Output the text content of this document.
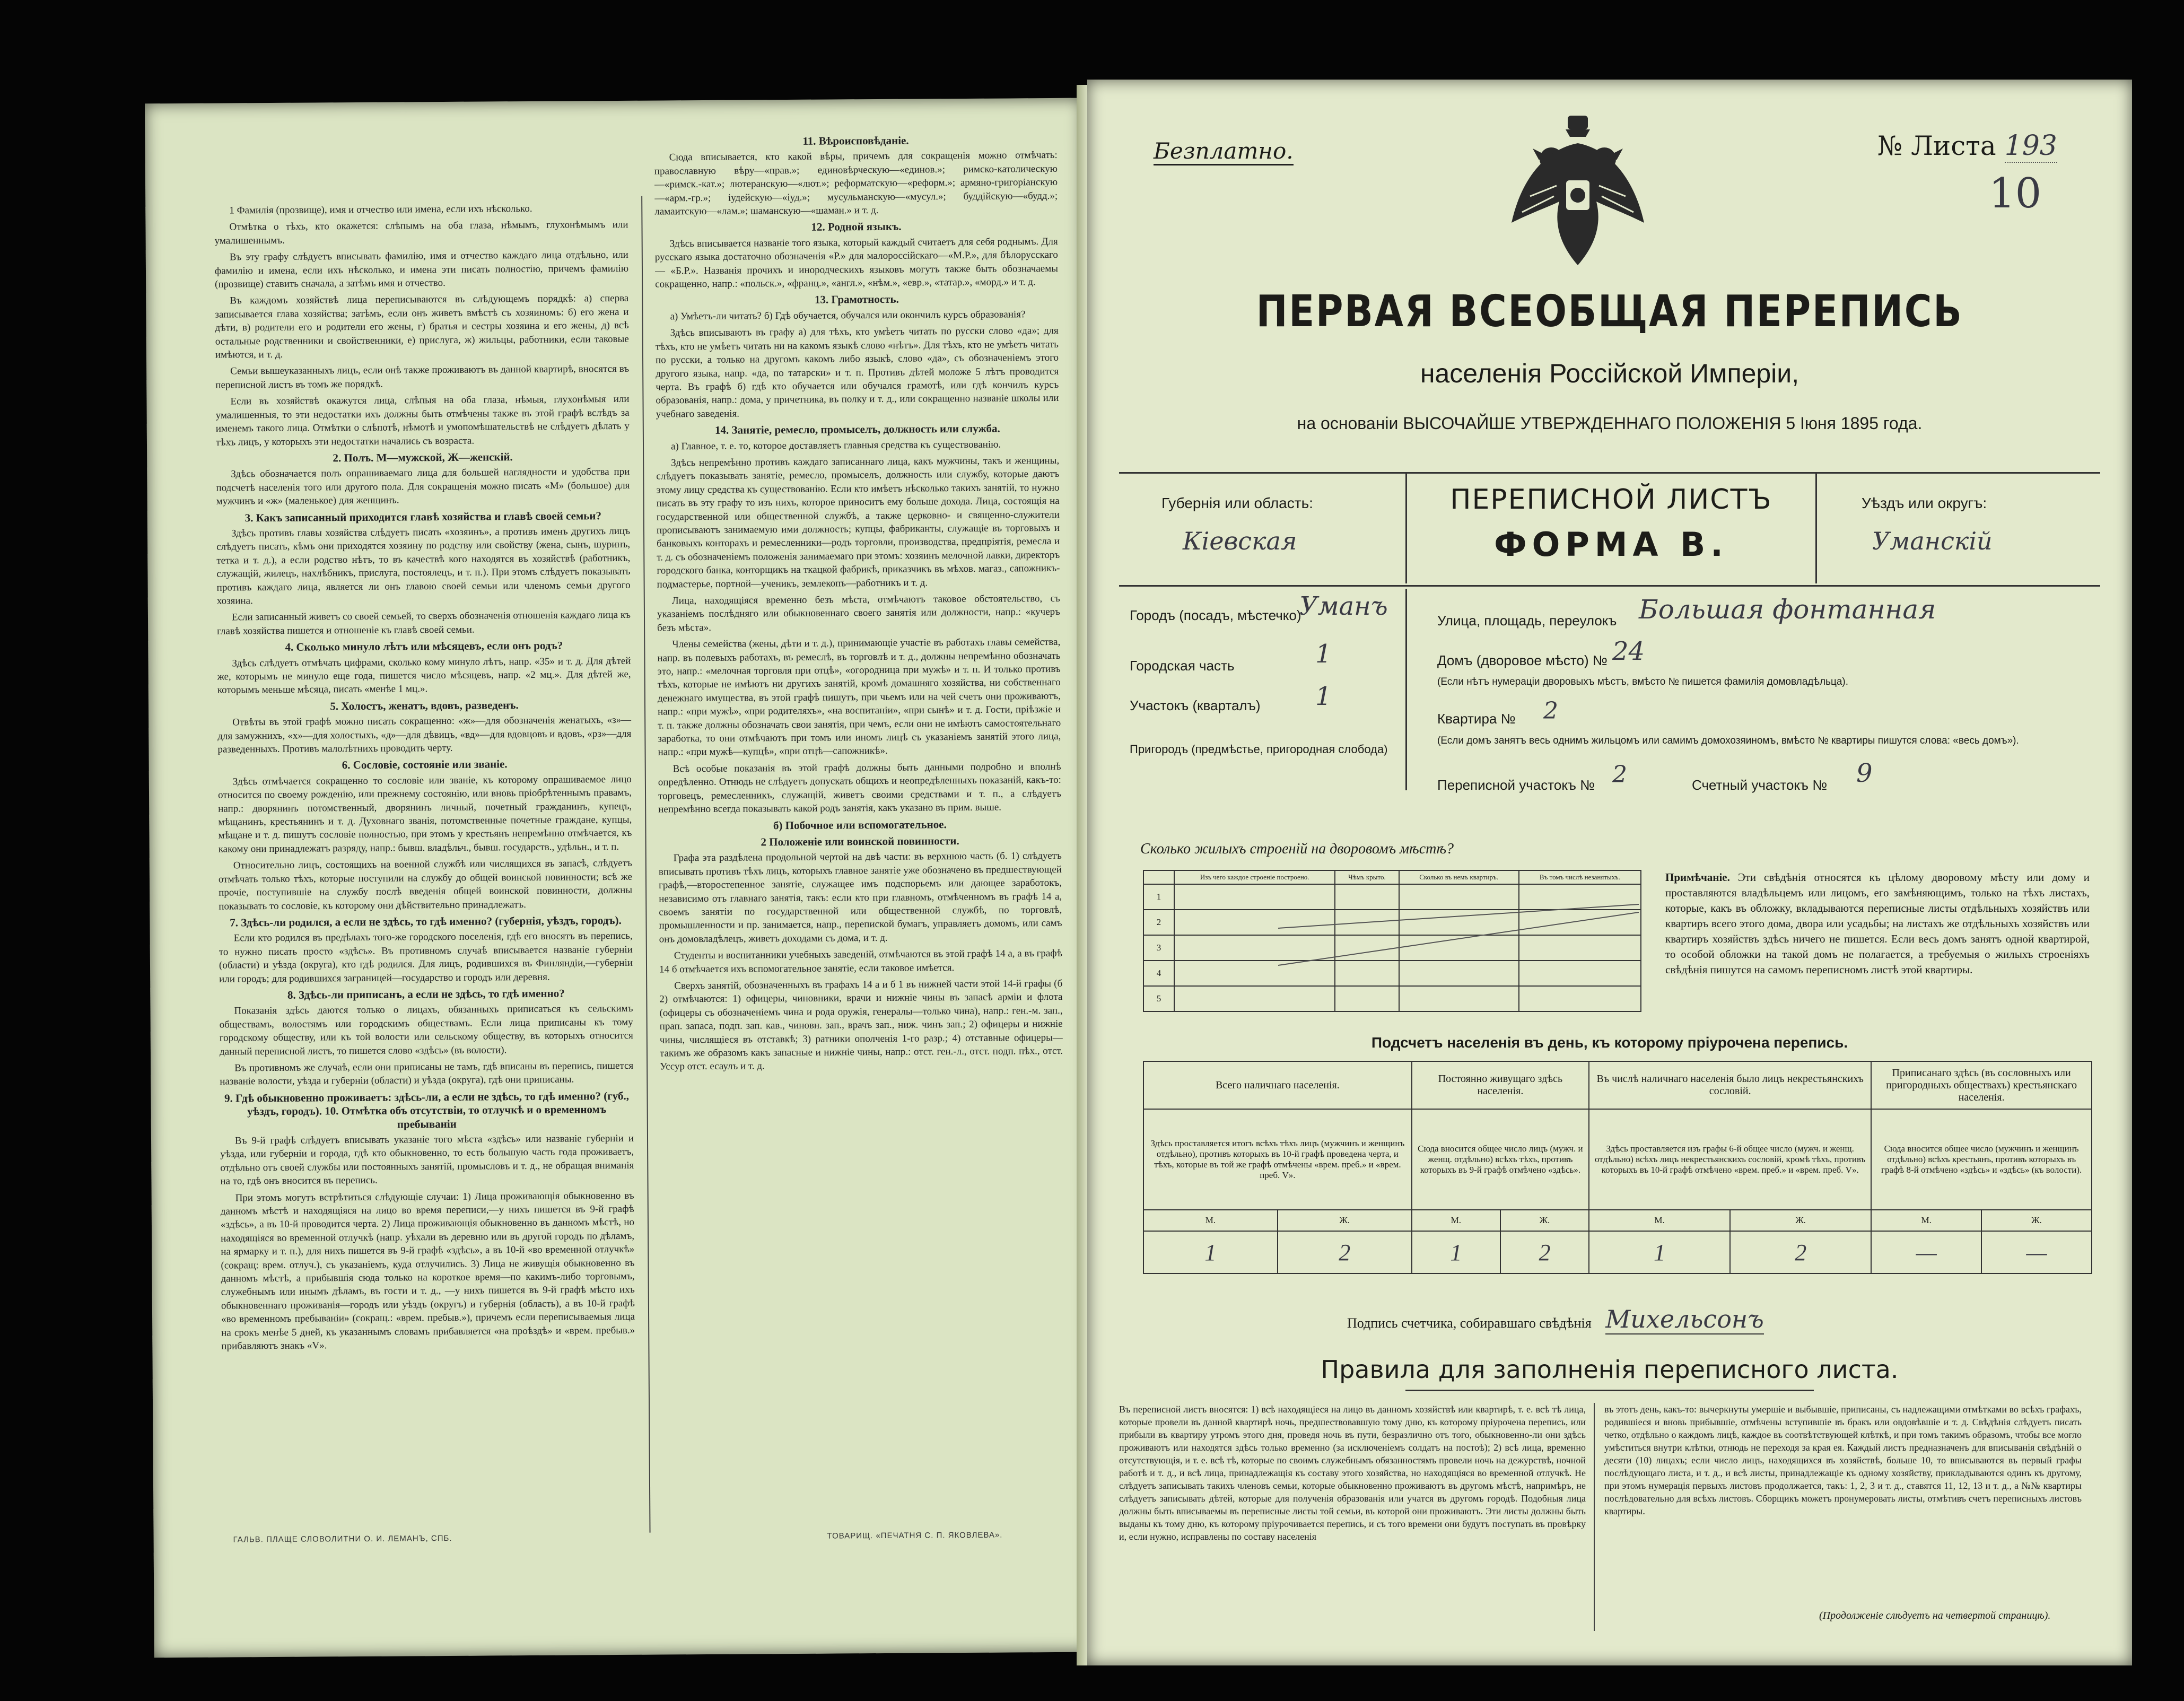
1 Фамилія (прозвище), имя и отчество или имена, если ихъ нѣсколько.

Отмѣтка о тѣхъ, кто окажется: слѣпымъ на оба глаза, нѣмымъ, глухонѣмымъ или умалишеннымъ.

Въ эту графу слѣдуетъ вписывать фамилію, имя и отчество каждаго лица отдѣльно, или фамилію и имена, если ихъ нѣсколько, и имена эти писать полностію, причемъ фамилію (прозвище) ставить сначала, а затѣмъ имя и отчество.

Въ каждомъ хозяйствѣ лица переписываются въ слѣдующемъ порядкѣ: а) сперва записывается глава хозяйства; затѣмъ, если онъ живетъ вмѣстѣ съ хозяиномъ: б) его жена и дѣти, в) родители его и родители его жены, г) братья и сестры хозяина и его жены, д) всѣ остальные родственники и свойственники, е) прислуга, ж) жильцы, работники, если таковые имѣются, и т. д.

Семьи вышеуказанныхъ лицъ, если онѣ также проживаютъ въ данной квартирѣ, вносятся въ переписной листъ въ томъ же порядкѣ.

Если въ хозяйствѣ окажутся лица, слѣпыя на оба глаза, нѣмыя, глухонѣмыя или умалишенныя, то эти недостатки ихъ должны быть отмѣчены также въ этой графѣ вслѣдъ за именемъ такого лица. Отмѣтки о слѣпотѣ, нѣмотѣ и умопомѣшательствѣ не слѣдуетъ дѣлать у тѣхъ лицъ, у которыхъ эти недостатки начались съ возраста.

2. Полъ. М—мужской, Ж—женскій.

Здѣсь обозначается полъ опрашиваемаго лица для большей наглядности и удобства при подсчетѣ населенія того или другого пола. Для сокращенія можно писать «М» (большое) для мужчинъ и «ж» (маленькое) для женщинъ.

3. Какъ записанный приходится главѣ хозяйства и главѣ своей семьи?

Здѣсь противъ главы хозяйства слѣдуетъ писать «хозяинъ», а противъ именъ другихъ лицъ слѣдуетъ писать, кѣмъ они приходятся хозяину по родству или свойству (жена, сынъ, шуринъ, тетка и т. д.), а если родство нѣтъ, то въ качествѣ кого находятся въ хозяйствѣ (работникъ, служащій, жилецъ, нахлѣбникъ, прислуга, постоялецъ, и т. п.). При этомъ слѣдуетъ показывать противъ каждаго лица, является ли онъ главою своей семьи или членомъ семьи другого хозяина.

Если записанный живетъ со своей семьей, то сверхъ обозначенія отношенія каждаго лица къ главѣ хозяйства пишется и отношеніе къ главѣ своей семьи.

4. Сколько минуло лѣтъ или мѣсяцевъ, если онъ родъ?

Здѣсь слѣдуетъ отмѣчать цифрами, сколько кому минуло лѣтъ, напр. «35» и т. д. Для дѣтей же, которымъ не минуло еще года, пишется число мѣсяцевъ, напр. «2 мц.». Для дѣтей же, которымъ меньше мѣсяца, писать «менѣе 1 мц.».

5. Холостъ, женатъ, вдовъ, разведенъ.

Отвѣты въ этой графѣ можно писать сокращенно: «ж»—для обозначенія женатыхъ, «з»—для замужнихъ, «х»—для холостыхъ, «д»—для дѣвицъ, «вд»—для вдовцовъ и вдовъ, «рз»—для разведенныхъ. Противъ малолѣтнихъ проводить черту.

6. Сословіе, состояніе или званіе.

Здѣсь отмѣчается сокращенно то сословіе или званіе, къ которому опрашиваемое лицо относится по своему рожденію, или прежнему состоянію, или вновь пріобрѣтеннымъ правамъ, напр.: дворянинъ потомственный, дворянинъ личный, почетный гражданинъ, купецъ, мѣщанинъ, крестьянинъ и т. д. Духовнаго званія, потомственные почетные граждане, купцы, мѣщане и т. д. пишутъ сословіе полностью, при этомъ у крестьянъ непремѣнно отмѣчается, къ какому они принадлежатъ разряду, напр.: бывш. владѣльч., бывш. государств., удѣльн., и т. п.

Относительно лицъ, состоящихъ на военной службѣ или числящихся въ запасѣ, слѣдуетъ отмѣчать только тѣхъ, которые поступили на службу до общей воинской повинности; всѣ же прочіе, поступившіе на службу послѣ введенія общей воинской повинности, должны показывать то сословіе, къ которому они дѣйствительно принадлежатъ.

7. Здѣсь-ли родился, а если не здѣсь, то гдѣ именно? (губернія, уѣздъ, городъ).

Если кто родился въ предѣлахъ того-же городского поселенія, гдѣ его вносятъ въ перепись, то нужно писать просто «здѣсь». Въ противномъ случаѣ вписывается названіе губерніи (области) и уѣзда (округа), кто гдѣ родился. Для лицъ, родившихся въ Финляндіи,—губерніи или городъ; для родившихся заграницей—государство и городъ или деревня.

8. Здѣсь-ли приписанъ, а если не здѣсь, то гдѣ именно?

Показанія здѣсь даются только о лицахъ, обязанныхъ приписаться къ сельскимъ обществамъ, волостямъ или городскимъ обществамъ. Если лица приписаны къ тому городскому обществу, или къ той волости или сельскому обществу, въ которыхъ относится данный переписной листъ, то пишется слово «здѣсь» (въ волости).

Въ противномъ же случаѣ, если они приписаны не тамъ, гдѣ вписаны въ перепись, пишется названіе волости, уѣзда и губерніи (области) и уѣзда (округа), гдѣ они приписаны.

9. Гдѣ обыкновенно проживаетъ: здѣсь-ли, а если не здѣсь, то гдѣ именно? (губ., уѣздъ, городъ). 10. Отмѣтка объ отсутствіи, то отлучкѣ и о временномъ пребываніи

Въ 9-й графѣ слѣдуетъ вписывать указаніе того мѣста «здѣсь» или названіе губерніи и уѣзда, или губерніи и города, гдѣ кто обыкновенно, то есть большую часть года проживаетъ, отдѣльно отъ своей службы или постоянныхъ занятій, промысловъ и т. д., не обращая вниманія на то, гдѣ онъ вносится въ перепись.

При этомъ могутъ встрѣтиться слѣдующіе случаи: 1) Лица проживающія обыкновенно въ данномъ мѣстѣ и находящіяся на лицо во время переписи,—у нихъ пишется въ 9-й графѣ «здѣсь», а въ 10-й проводится черта. 2) Лица проживающія обыкновенно въ данномъ мѣстѣ, но находящіяся во временной отлучкѣ (напр. уѣхали въ деревню или въ другой городъ по дѣламъ, на ярмарку и т. п.), для нихъ пишется въ 9-й графѣ «здѣсь», а въ 10-й «во временной отлучкѣ» (сокращ: врем. отлуч.), съ указаніемъ, куда отлучились. 3) Лица не живущія обыкновенно въ данномъ мѣстѣ, а прибывшія сюда только на короткое время—по какимъ-либо торговымъ, служебнымъ или инымъ дѣламъ, въ гости и т. д., —у нихъ пишется въ 9-й графѣ мѣсто ихъ обыкновеннаго проживанія—городъ или уѣздъ (округъ) и губернія (область), а въ 10-й графѣ «во временномъ пребываніи» (сокращ.: «врем. пребыв.»), причемъ если переписываемыя лица на срокъ менѣе 5 дней, къ указаннымъ словамъ прибавляется «на проѣздѣ» и «врем. пребыв.» прибавляютъ знакъ «V».

11. Вѣроисповѣданіе.

Сюда вписывается, кто какой вѣры, причемъ для сокращенія можно отмѣчать: православную вѣру—«прав.»; единовѣрческую—«единов.»; римско-католическую—«римск.-кат.»; лютеранскую—«лют.»; реформатскую—«реформ.»; армяно-григоріанскую—«арм.-гр.»; іудейскую—«іуд.»; мусульманскую—«мусул.»; буддійскую—«будд.»; ламаитскую—«лам.»; шаманскую—«шаман.» и т. д.

12. Родной языкъ.

Здѣсь вписывается названіе того языка, который каждый считаетъ для себя роднымъ. Для русскаго языка достаточно обозначенія «Р.» для малороссійскаго—«М.Р.», для бѣлорусскаго — «Б.Р.». Названія прочихъ и инородческихъ языковъ могутъ также быть обозначаемы сокращенно, напр.: «польск.», «франц.», «англ.», «нѣм.», «евр.», «татар.», «морд.» и т. д.

13. Грамотность.

а) Умѣетъ-ли читать? б) Гдѣ обучается, обучался или окончилъ курсъ образованія?

Здѣсь вписываютъ въ графу а) для тѣхъ, кто умѣетъ читать по русски слово «да»; для тѣхъ, кто не умѣетъ читать ни на какомъ языкѣ слово «нѣтъ». Для тѣхъ, кто не умѣетъ читать по русски, а только на другомъ какомъ либо языкѣ, слово «да», съ обозначеніемъ этого другого языка, напр. «да, по татарски» и т. п. Противъ дѣтей моложе 5 лѣтъ проводится черта. Въ графѣ б) гдѣ кто обучается или обучался грамотѣ, или гдѣ кончилъ курсъ образованія, напр.: дома, у причетника, въ полку и т. д., или сокращенно названіе школы или учебнаго заведенія.

14. Занятіе, ремесло, промыселъ, должность или служба.

а) Главное, т. е. то, которое доставляетъ главныя средства къ существованію.

Здѣсь непремѣнно противъ каждаго записаннаго лица, какъ мужчины, такъ и женщины, слѣдуетъ показывать занятіе, ремесло, промыселъ, должность или службу, которые даютъ этому лицу средства къ существованію. Если кто имѣетъ нѣсколько такихъ занятій, то нужно писать въ эту графу то изъ нихъ, которое приноситъ ему больше дохода. Лица, состоящія на государственной или общественной службѣ, а также церковно- и священно-служители прописываютъ занимаемую ими должность; купцы, фабриканты, служащіе въ торговыхъ и банковыхъ конторахъ и ремесленники—родъ торговли, производства, предпріятія, ремесла и т. д. съ обозначеніемъ положенія занимаемаго при этомъ: хозяинъ мелочной лавки, директоръ городского банка, конторщикъ на ткацкой фабрикѣ, приказчикъ въ мѣхов. магаз., сапожникъ-подмастерье, портной—ученикъ, землекопъ—работникъ и т. д.

Лица, находящіяся временно безъ мѣста, отмѣчаютъ таковое обстоятельство, съ указаніемъ послѣдняго или обыкновеннаго своего занятія или должности, напр.: «кучеръ безъ мѣста».

Члены семейства (жены, дѣти и т. д.), принимающіе участіе въ работахъ главы семейства, напр. въ полевыхъ работахъ, въ ремеслѣ, въ торговлѣ и т. д., должны непремѣнно обозначать это, напр.: «мелочная торговля при отцѣ», «огородница при мужѣ» и т. п. И только противъ тѣхъ, которые не имѣютъ ни другихъ занятій, кромѣ домашняго хозяйства, ни собственнаго денежнаго имущества, въ этой графѣ пишутъ, при чьемъ или на чей счетъ они проживаютъ, напр.: «при мужѣ», «при родителяхъ», «на воспитаніи», «при сынѣ» и т. д. Гости, пріѣзжіе и т. п. также должны обозначать свои занятія, при чемъ, если они не имѣютъ самостоятельнаго заработка, то они отмѣчаютъ при томъ или иномъ лицѣ съ указаніемъ занятій этого лица, напр.: «при мужѣ—купцѣ», «при отцѣ—сапожникѣ».

Всѣ особые показанія въ этой графѣ должны быть данными подробно и вполнѣ опредѣленно. Отнюдь не слѣдуетъ допускать общихъ и неопредѣленныхъ показаній, какъ-то: торговецъ, ремесленникъ, служащій, живетъ своими средствами и т. п., а слѣдуетъ непремѣнно всегда показывать какой родъ занятія, какъ указано въ прим. выше.

б) Побочное или вспомогательное.
2 Положеніе или воинской повинности.

Графа эта раздѣлена продольной чертой на двѣ части: въ верхнюю часть (б. 1) слѣдуетъ вписывать противъ тѣхъ лицъ, которыхъ главное занятіе уже обозначено въ предшествующей графѣ,—второстепенное занятіе, служащее имъ подспорьемъ или дающее заработокъ, независимо отъ главнаго занятія, такъ: если кто при главномъ, отмѣченномъ въ графѣ 14 а, своемъ занятіи по государственной или общественной службѣ, по торговлѣ, промышленности и пр. занимается, напр., перепиской бумагъ, управляетъ домомъ, или самъ онъ домовладѣлецъ, живетъ доходами съ дома, и т. д.

Студенты и воспитанники учебныхъ заведеній, отмѣчаются въ этой графѣ 14 а, а въ графѣ 14 б отмѣчается ихъ вспомогательное занятіе, если таковое имѣется.

Сверхъ занятій, обозначенныхъ въ графахъ 14 а и б 1 въ нижней части этой 14-й графы (б 2) отмѣчаются: 1) офицеры, чиновники, врачи и нижніе чины въ запасѣ арміи и флота (офицеры съ обозначеніемъ чина и рода оружія, генералы—только чина), напр.: ген.-м. зап., прап. запаса, подп. зап. кав., чиновн. зап., врачъ зап., ниж. чинъ зап.; 2) офицеры и нижніе чины, числящіеся въ отставкѣ; 3) ратники ополченія 1-го разр.; 4) отставные офицеры—такимъ же образомъ какъ запасные и нижніе чины, напр.: отст. ген.-л., отст. подп. пѣх., отст. Уссур отст. есаулъ и т. д.

ГАЛЬВ. ПЛАЩЕ СЛОВОЛИТНИ О. И. ЛЕМАНЪ, СПБ.	ТОВАРИЩ. «ПЕЧАТНЯ С. П. ЯКОВЛЕВА».
Безплатно.	№ Листа 193
10
ПЕРВАЯ ВСЕОБЩАЯ ПЕРЕПИСЬ
населенія Россійской Имперіи,
на основаніи ВЫСОЧАЙШЕ УТВЕРЖДЕННАГО ПОЛОЖЕНІЯ 5 Іюня 1895 года.
Губернія или область:
Кіевская
ПЕРЕПИСНОЙ ЛИСТЪ
ФОРМА В.
Уѣздъ или округъ:
Уманскій
Городъ (посадъ, мѣстечко)
Уманъ
Городская часть	1
Участокъ (кварталъ) 1
Пригородъ (предмѣстье, пригородная слобода)
Улица, площадь, переулокъ Большая фонтанная
Домъ (дворовое мѣсто) № 24
(Если нѣтъ нумераціи дворовыхъ мѣстъ, вмѣсто № пишется фамилія домовладѣльца).
Квартира № 2
(Если домъ занятъ весь однимъ жильцомъ или самимъ домохозяиномъ, вмѣсто № квартиры пишутся слова: «весь домъ»).
Переписной участокъ № 2	Счетный участокъ № 9
Сколько жилыхъ строеній на дворовомъ мѣстѣ?
	Изъ чего каждое строеніе построено.	Чѣмъ крыто.	Сколько въ немъ квартиръ.	Въ томъ числѣ незанятыхъ.
1				
2				
3				
4				
5				
Примѣчаніе. Эти свѣдѣнія относятся къ цѣлому дворовому мѣсту или дому и проставляются владѣльцемъ или лицомъ, его замѣняющимъ, только на тѣхъ листахъ, которые, какъ въ обложку, вкладываются переписные листы отдѣльныхъ хозяйствъ или квартиръ всего этого дома, двора или усадьбы; на листахъ же отдѣльныхъ хозяйствъ или квартиръ хозяйствъ здѣсь ничего не пишется. Если весь домъ занятъ одной квартирой, то особой обложки на такой домъ не полагается, а требуемыя о жилыхъ строеніяхъ свѣдѣнія пишутся на самомъ переписномъ листѣ этой квартиры.
Подсчетъ населенія въ день, къ которому пріурочена перепись.
Всего наличнаго населенія.		Постоянно живущаго здѣсь населенія.		Въ числѣ наличнаго населенія было лицъ некрестьянскихъ сословій.		Приписанаго здѣсь (въ сословныхъ или пригородныхъ обществахъ) крестьянскаго населенія.	
Здѣсь проставляется итогъ всѣхъ тѣхъ лицъ (мужчинъ и женщинъ отдѣльно), противъ которыхъ въ 10-й графѣ проведена черта, и тѣхъ, которые въ той же графѣ отмѣчены «врем. преб.» и «врем. преб. V».		Сюда вносится общее число лицъ (мужч. и женщ. отдѣльно) всѣхъ тѣхъ, противъ которыхъ въ 9-й графѣ отмѣчено «здѣсь».		Здѣсь проставляется изъ графы 6-й общее число (мужч. и женщ. отдѣльно) всѣхъ лицъ некрестьянскихъ сословій, кромѣ тѣхъ, противъ которыхъ въ 10-й графѣ отмѣчено «врем. преб.» и «врем. преб. V».		Сюда вносится общее число (мужчинъ и женщинъ отдѣльно) всѣхъ крестьянъ, противъ которыхъ въ графѣ 8-й отмѣчено «здѣсь» и «здѣсь» (къ волости).	
М.	Ж.	М.	Ж.	М.	Ж.	М.	Ж.
1	2	1	2	1	2	—	—
Подпись счетчика, собиравшаго свѣдѣнія Михельсонъ
Правила для заполненія переписного листа.
Въ переписной листъ вносятся: 1) всѣ находящіеся на лицо въ данномъ хозяйствѣ или квартирѣ, т. е. всѣ тѣ лица, которые провели въ данной квартирѣ ночь, предшествовавшую тому дню, къ которому пріурочена перепись, или прибыли въ квартиру утромъ этого дня, проведя ночь въ пути, безразлично отъ того, обыкновенно-ли они здѣсь проживаютъ или находятся здѣсь только временно (за исключеніемъ солдатъ на постоѣ); 2) всѣ лица, временно отсутствующія, и т. е. всѣ тѣ, которые по своимъ служебнымъ обязанностямъ провели ночь на дежурствѣ, ночной работѣ и т. д., и всѣ лица, принадлежащія къ составу этого хозяйства, но находящіяся во временной отлучкѣ. Не слѣдуетъ записывать такихъ членовъ семьи, которые обыкновенно проживаютъ въ другомъ мѣстѣ, напримѣръ, не слѣдуетъ записывать дѣтей, которые для полученія образованія или учатся въ другомъ городѣ. Подобныя лица должны быть вписываемы въ переписные листы той семьи, въ которой они проживаютъ. Эти листы должны быть выданы къ тому дню, къ которому пріурочивается перепись, и съ того времени они будутъ поступать въ провѣрку и, если нужно, исправлены по составу населенія
въ этотъ день, какъ-то: вычеркнуты умершіе и выбывшіе, приписаны, съ надлежащими отмѣтками во всѣхъ графахъ, родившіеся и вновь прибывшіе, отмѣчены вступившіе въ бракъ или овдовѣвшіе и т. д. Свѣдѣнія слѣдуетъ писать четко, отдѣльно о каждомъ лицѣ, каждое въ соотвѣтствующей клѣткѣ, и при томъ такимъ образомъ, чтобы все могло умѣститься внутри клѣтки, отнюдь не переходя за края ея. Каждый листъ предназначенъ для вписыванія свѣдѣній о десяти (10) лицахъ; если число лицъ, находящихся въ хозяйствѣ, больше 10, то вписываются въ первый графы послѣдующаго листа, и т. д., и всѣ листы, принадлежащіе къ одному хозяйству, прикладываются одинъ къ другому, при этомъ нумерація первыхъ листовъ продолжается, такъ: 1, 2, 3 и т. д., ставятся 11, 12, 13 и т. д., а №№ квартиры послѣдовательно для всѣхъ листовъ. Сборщикъ можетъ пронумеровать листы, отмѣтивъ счетъ переписныхъ листовъ квартиры.
(Продолженіе слѣдуетъ на четвертой страницѣ).
